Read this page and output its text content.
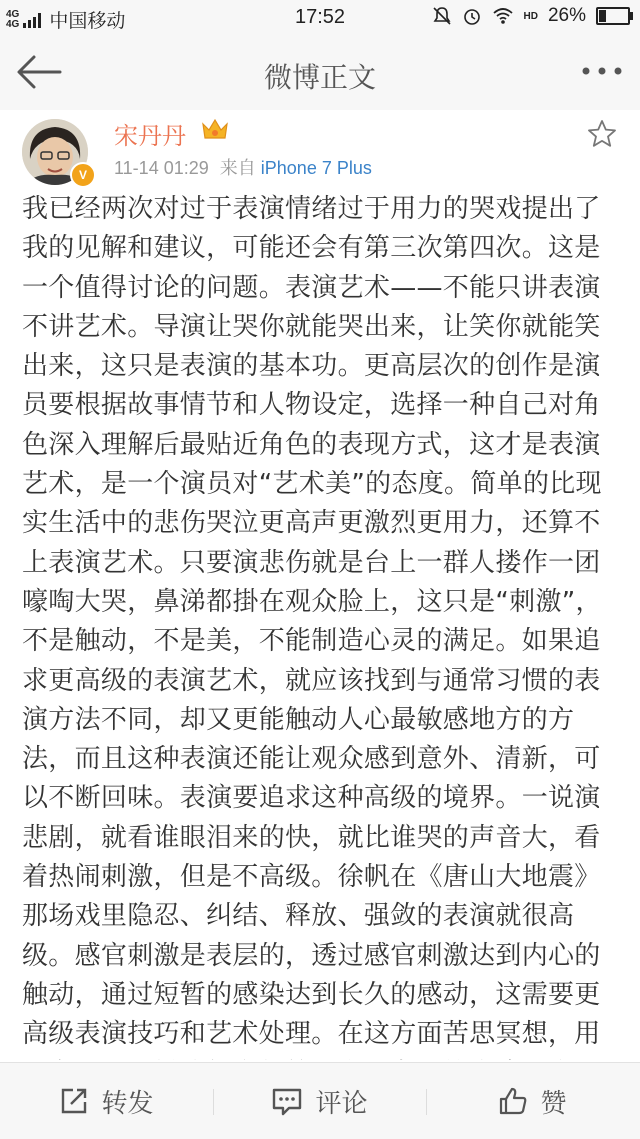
4G
4G 中国移动	17:52	HD 26%
微博正文
V
宋丹丹
11-14 01:29 来自 iPhone 7 Plus
我已经两次对过于表演情绪过于用力的哭戏提出了我的见解和建议，可能还会有第三次第四次。这是一个值得讨论的问题。表演艺术——不能只讲表演不讲艺术。导演让哭你就能哭出来，让笑你就能笑出来，这只是表演的基本功。更高层次的创作是演员要根据故事情节和人物设定，选择一种自己对角色深入理解后最贴近角色的表现方式，这才是表演艺术，是一个演员对“艺术美”的态度。简单的比现实生活中的悲伤哭泣更高声更激烈更用力，还算不上表演艺术。只要演悲伤就是台上一群人搂作一团嚎啕大哭，鼻涕都掛在观众脸上，这只是“刺激”，不是触动，不是美，不能制造心灵的满足。如果追求更高级的表演艺术，就应该找到与通常习惯的表演方法不同，却又更能触动人心最敏感地方的方法，而且这种表演还能让观众感到意外、清新，可以不断回味。表演要追求这种高级的境界。一说演悲剧，就看谁眼泪来的快，就比谁哭的声音大，看着热闹刺激，但是不高级。徐帆在《唐山大地震》那场戏里隐忍、纠结、释放、强敛的表演就很高级。感官刺激是表层的，透过感官刺激达到内心的触动，通过短暂的感染达到长久的感动，这需要更高级表演技巧和艺术处理。在这方面苦思冥想，用
转发	评论	赞
